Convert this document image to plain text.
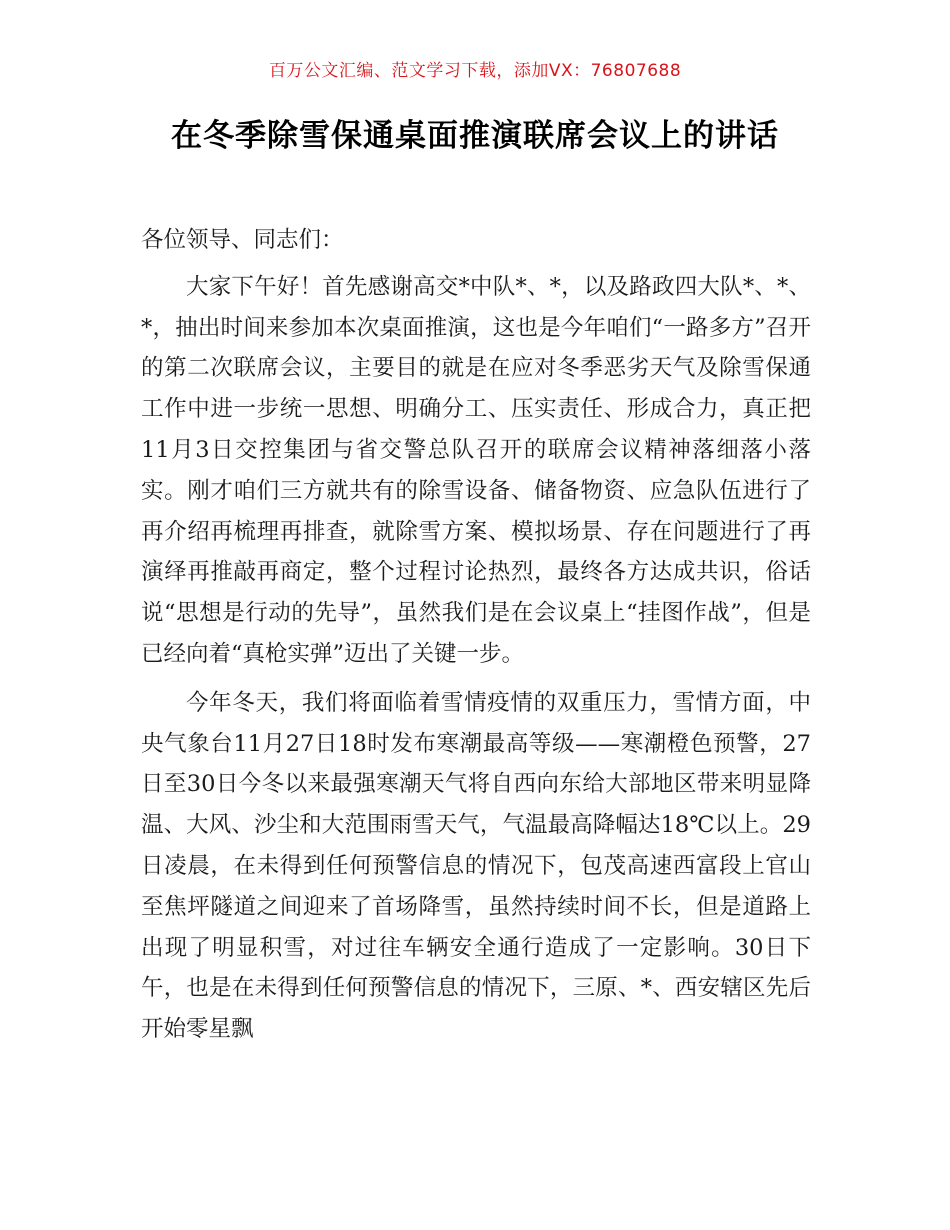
百万公文汇编、范文学习下载，添加VX：76807688
在冬季除雪保通桌面推演联席会议上的讲话

各位领导、同志们：

大家下午好！首先感谢高交*中队*、*，以及路政四大队*、*、*，抽出时间来参加本次桌面推演，这也是今年咱们“一路多方”召开的第二次联席会议，主要目的就是在应对冬季恶劣天气及除雪保通工作中进一步统一思想、明确分工、压实责任、形成合力，真正把11月3日交控集团与省交警总队召开的联席会议精神落细落小落实。刚才咱们三方就共有的除雪设备、储备物资、应急队伍进行了再介绍再梳理再排查，就除雪方案、模拟场景、存在问题进行了再演绎再推敲再商定，整个过程讨论热烈，最终各方达成共识，俗话说“思想是行动的先导”，虽然我们是在会议桌上“挂图作战”，但是已经向着“真枪实弹”迈出了关键一步。

今年冬天，我们将面临着雪情疫情的双重压力，雪情方面，中央气象台11月27日18时发布寒潮最高等级——寒潮橙色预警，27日至30日今冬以来最强寒潮天气将自西向东给大部地区带来明显降温、大风、沙尘和大范围雨雪天气，气温最高降幅达18℃以上。29日凌晨，在未得到任何预警信息的情况下，包茂高速西富段上官山至焦坪隧道之间迎来了首场降雪，虽然持续时间不长，但是道路上出现了明显积雪，对过往车辆安全通行造成了一定影响。30日下午，也是在未得到任何预警信息的情况下，三原、*、西安辖区先后开始零星飘
